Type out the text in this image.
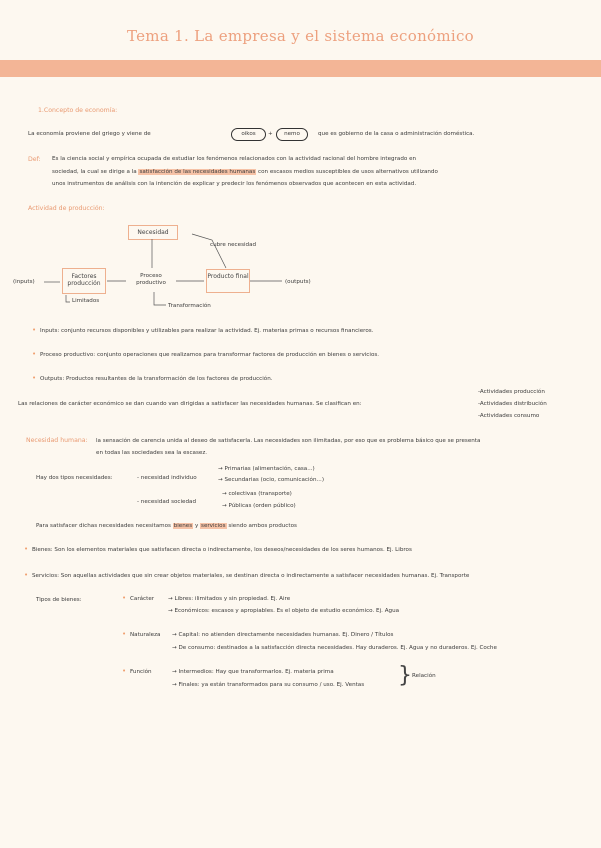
Tema 1. La empresa y el sistema económico
1.Concepto de economía:
La economía proviene del griego y viene de	oikos	+	nemo	que es gobierno de la casa o administración doméstica.
Def: Es la ciencia social y empírica ocupada de estudiar los fenómenos relacionados con la actividad racional del hombre integrado en
sociedad, la cual se dirige a la satisfacción de las necesidades humanas con escasos medios susceptibles de usos alternativos utilizando
unos instrumentos de análisis con la intención de explicar y predecir los fenómenos observados que acontecen en esta actividad.
Actividad de producción:
Necesidad
cubre necesidad
(inputs)
Factores producción
Proceso productivo
Producto final
(outputs)
Limitados
Transformación
• Inputs: conjunto recursos disponibles y utilizables para realizar la actividad. Ej. materias primas o recursos financieros.
• Proceso productivo: conjunto operaciones que realizamos para transformar factores de producción en bienes o servicios.
• Outputs: Productos resultantes de la transformación de los factores de producción.
Las relaciones de carácter económico se dan cuando van dirigidas a satisfacer las necesidades humanas. Se clasifican en:
-Actividades producción
-Actividades distribución
-Actividades consumo
Necesidad humana: la sensación de carencia unida al deseo de satisfacerla. Las necesidades son ilimitadas, por eso que es problema básico que se presenta
en todas las sociedades sea la escasez.
Hay dos tipos necesidades:	- necesidad individuo
→ Primarias (alimentación, casa...)
→ Secundarias (ocio, comunicación...)
- necesidad sociedad
→ colectivas (transporte)
→ Públicas (orden público)
Para satisfacer dichas necesidades necesitamos bienes y servicios siendo ambos productos
• Bienes: Son los elementos materiales que satisfacen directa o indirectamente, los deseos/necesidades de los seres humanos. Ej. Libros
• Servicios: Son aquellas actividades que sin crear objetos materiales, se destinan directa o indirectamente a satisfacer necesidades humanas. Ej. Transporte
Tipos de bienes:	• Carácter → Libres: ilimitados y sin propiedad. Ej. Aire
→ Económicos: escasos y apropiables. Es el objeto de estudio económico. Ej. Agua
• Naturaleza → Capital: no atienden directamente necesidades humanas. Ej. Dinero / Títulos
→ De consumo: destinados a la satisfacción directa necesidades. Hay duraderos. Ej. Agua y no duraderos. Ej. Coche
• Función	→ Intermedios: Hay que transformarlos. Ej. materia prima
→ Finales: ya están transformados para su consumo / uso. Ej. Ventas } Relación
